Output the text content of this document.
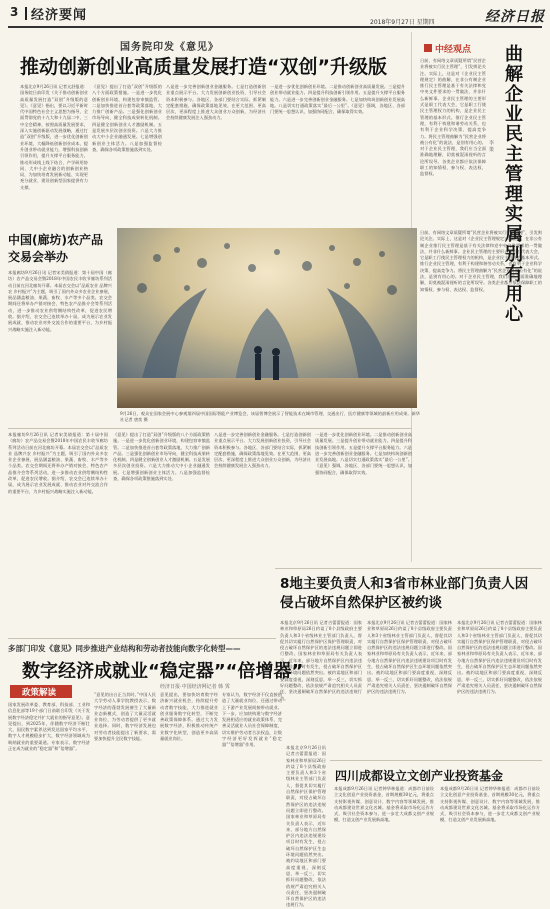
3 经济要闻	2018年9月27日 星期四	经济日报
国务院印发《意见》
推动创新创业高质量发展打造“双创”升级版
本报北京9月26日讯 记者亢舒报道：国务院日前印发《关于推动创新创业高质量发展打造“双创”升级版的意见》。《意见》指出，要以习近平新时代中国特色社会主义思想为指导，全面贯彻党的十九大和十九届二中、三中全会精神，按照高质量发展要求，深入实施创新驱动发展战略，通过打造“双创”升级版，进一步优化创新创业环境，大幅降低创新创业成本，提升创业带动就业能力，增强科技创新引领作用，提升支撑平台服务能力，推动形成线上线下结合、产学研用协同、大中小企业融合的创新创业格局，为加快培育发展新动能、实现更充分就业、建设创新型国家提供有力支撑。
《意见》提出了打造“双创”升级版的八个方面政策措施。一是进一步优化创新创业环境，构建包容审慎监管。二是加快推进首台套等政策落地，大力推广创新产品。三是强化创新创业市场导向，健全科技成果转化机制。四是健全创新创业人才激励机制。五是发展多层次创业投资。六是大力推动大中小企业融通发展。七是增强创新创业主体活力。八是加强监督检查，确保各项政策措施落到实处。
八是进一步完善创新创业金融服务。七是打造创新创业重点展示平台。大力发展创新创业投资，引导社会资本积极参与。各地区、各部门要结合实际，抓紧制定配套措施，确保政策落地见效。在更大范围、更高层次、更深程度上推进大众创业万众创新，为经济社会持续健康发展注入强劲动力。
一是进一步优化创新创业环境。二是推动创新创业高质量发展。三是提升创业带动就业能力。四是提升科技创新引领作用。五是提升支撑平台服务能力。六是进一步完善创新创业金融服务。七是加快构筑创新创业发展高地。八是切实打通政策落实“最后一公里”。《意见》强调，各地区、各部门要统一思想认识，加强协同配合，确保取得实效。
中经观点	曲解企业民主管理实属别有用心
李 策
日前，有网络文章质疑所谓“民营企业将被实行民主管理”，引发舆论关注。实际上，这是对《企业民主管理规定》的曲解，在非公有制企业推行民主管理是基于有关法律和党中央文件要求的一贯做法，并非什么新鲜事。企业民主管理的主要形式是职工代表大会，它是职工行使民主管理权力的机构，是企业民主管理的基本形式。推行企业民主管理，有利于构建和谐劳动关系，也有利于企业科学决策、提高竞争力。将民主管理曲解为“民营企业将被公有化”的说法，是别有用心的。对于企业民主管理，我们应当全面准确地理解，切莫被混淆视听的言论所误导。各类企业都应依法保障职工的知情权、参与权、表达权、监督权。
日前，有网络文章质疑所谓“民营企业将被实行民主管理”，引发舆论关注。实际上，这是对《企业民主管理规定》的曲解，在非公有制企业推行民主管理是基于有关法律和党中央文件要求的一贯做法，并非什么新鲜事。企业民主管理的主要形式是职工代表大会，它是职工行使民主管理权力的机构，是企业民主管理的基本形式。推行企业民主管理，有利于构建和谐劳动关系，也有利于企业科学决策、提高竞争力。将民主管理曲解为“民营企业将被公有化”的说法，是别有用心的。对于企业民主管理，我们应当全面准确地理解，切莫被混淆视听的言论所误导。各类企业都应依法保障职工的知情权、参与权、表达权、监督权。
9月26日，观众在国家会展中心参观第四届中国国际智能产业博览会，该届智博会展示了智能技术在城市管理、交通出行、医疗健康等领域的最新应用成果。新华社记者 唐奕 摄
中国(廊坊)农产品交易会举办
本报廊坊9月26日讯 记者宋美倩报道：第十届中国（廊坊）农产品交易会暨2018年中国农民丰收节廊坊系列活动日前在河北廊坊开幕。本届农交会以“品质农业 品牌兴农 乡村振兴”为主题，吸引了国内外众多农业企业参展，展品涵盖粮油、果蔬、畜牧、水产等多个品类。农交会期间还将举办产销对接会、特色农产品推介会等系列活动，进一步推动农业供给侧结构性改革，促进农民增收。据介绍，农交会已连续举办十届，成为展示农业发展成就、推动农业对外交流合作的重要平台，为乡村振兴战略实施注入新动能。
本报廊坊9月26日讯 记者宋美倩报道：第十届中国（廊坊）农产品交易会暨2018年中国农民丰收节廊坊系列活动日前在河北廊坊开幕。本届农交会以“品质农业 品牌兴农 乡村振兴”为主题，吸引了国内外众多农业企业参展，展品涵盖粮油、果蔬、畜牧、水产等多个品类。农交会期间还将举办产销对接会、特色农产品推介会等系列活动，进一步推动农业供给侧结构性改革，促进农民增收。据介绍，农交会已连续举办十届，成为展示农业发展成就、推动农业对外交流合作的重要平台，为乡村振兴战略实施注入新动能。
《意见》提出了打造“双创”升级版的八个方面政策措施。一是进一步优化创新创业环境，构建包容审慎监管。二是加快推进首台套等政策落地，大力推广创新产品。三是强化创新创业市场导向，健全科技成果转化机制。四是健全创新创业人才激励机制。五是发展多层次创业投资。六是大力推动大中小企业融通发展。七是增强创新创业主体活力。八是加强监督检查，确保各项政策措施落到实处。
八是进一步完善创新创业金融服务。七是打造创新创业重点展示平台。大力发展创新创业投资，引导社会资本积极参与。各地区、各部门要结合实际，抓紧制定配套措施，确保政策落地见效。在更大范围、更高层次、更深程度上推进大众创业万众创新，为经济社会持续健康发展注入强劲动力。
一是进一步优化创新创业环境。二是推动创新创业高质量发展。三是提升创业带动就业能力。四是提升科技创新引领作用。五是提升支撑平台服务能力。六是进一步完善创新创业金融服务。七是加快构筑创新创业发展高地。八是切实打通政策落实“最后一公里”。《意见》强调，各地区、各部门要统一思想认识，加强协同配合，确保取得实效。
8地主要负责人和3省市林业部门负责人因侵占破坏自然保护区被约谈
本报北京9月26日讯 记者吉蕾蕾报道：国家林业和草原局26日约谈了8个县级政府主要负责人和3个省级林业主管部门负责人，督促其切实履行自然保护区保护管理职责，对侵占破坏自然保护区的违法违规问题立即进行整改。国家林业和草原局有关负责人表示，近年来，部分地方自然保护区内违法违规建设项目时有发生，侵占破坏自然保护区生态环境问题依然突出。被约谈地区和部门要高度重视，深刻反思，举一反三，切实抓好问题整改，依法依规严肃追究相关人员责任，坚决遏制破坏自然保护区的违法违规行为。
本报北京9月26日讯 记者吉蕾蕾报道：国家林业和草原局26日约谈了8个县级政府主要负责人和3个省级林业主管部门负责人，督促其切实履行自然保护区保护管理职责，对侵占破坏自然保护区的违法违规问题立即进行整改。国家林业和草原局有关负责人表示，近年来，部分地方自然保护区内违法违规建设项目时有发生，侵占破坏自然保护区生态环境问题依然突出。被约谈地区和部门要高度重视，深刻反思，举一反三，切实抓好问题整改，依法依规严肃追究相关人员责任，坚决遏制破坏自然保护区的违法违规行为。
本报北京9月26日讯 记者吉蕾蕾报道：国家林业和草原局26日约谈了8个县级政府主要负责人和3个省级林业主管部门负责人，督促其切实履行自然保护区保护管理职责，对侵占破坏自然保护区的违法违规问题立即进行整改。国家林业和草原局有关负责人表示，近年来，部分地方自然保护区内违法违规建设项目时有发生，侵占破坏自然保护区生态环境问题依然突出。被约谈地区和部门要高度重视，深刻反思，举一反三，切实抓好问题整改，依法依规严肃追究相关人员责任，坚决遏制破坏自然保护区的违法违规行为。
多部门印发《意见》同步推进产业结构和劳动者技能向数字化转型——
数字经济成就业“稳定器”“倍增器”
经济日报·中国经济网记者 韩 霁
政策解读
国家发展改革委、教育部、科技部、工业和信息化部等19个部门日前联合印发《关于发展数字经济稳定并扩大就业的指导意见》。意见提出，到2025年，伴随数字经济不断壮大，国民数字素养达到发达国家平均水平，数字人才规模稳步扩大，数字经济领域成为吸纳就业的重要渠道。专家表示，数字经济正在成为就业的“稳定器”和“倍增器”。
“意见的出台正当其时。”中国人民大学劳动人事学院教授表示，数字经济的蓬勃发展催生了大量新业态新模式，创造了大量灵活就业岗位，为劳动者提供了更多就业选择。同时，数字经济发展也对劳动者技能提出了新要求，需要加快提升全民数字技能。
意见提出，要加快培育数字经济新兴就业机会，持续提升劳动者数字技能，大力推进就业创业服务数字化转型，不断完善政策保障体系。通过大力发展数字经济，积极推动传统产业数字化转型，创造更多高质量就业岗位。
专家认为，数字经济不仅直接创造了大量就业岗位，还通过带动上下游产业发展间接带动就业。下一步，应加快构建与数字经济发展相适应的就业政策体系，完善灵活就业人员社会保障制度，切实维护劳动者合法权益，让数字经济更好发挥就业“稳定器”“倍增器”作用。
本报北京9月26日讯 记者吉蕾蕾报道：国家林业和草原局26日约谈了8个县级政府主要负责人和3个省级林业主管部门负责人，督促其切实履行自然保护区保护管理职责，对侵占破坏自然保护区的违法违规问题立即进行整改。国家林业和草原局有关负责人表示，近年来，部分地方自然保护区内违法违规建设项目时有发生，侵占破坏自然保护区生态环境问题依然突出。被约谈地区和部门要高度重视，深刻反思，举一反三，切实抓好问题整改，依法依规严肃追究相关人员责任，坚决遏制破坏自然保护区的违法违规行为。
四川成都设立文创产业投资基金
本报成都9月26日讯 记者钟华林报道：成都市日前设立文化创意产业投资基金，首期规模30亿元，将重点支持影视传媒、创意设计、数字内容等领域发展，推动成都建设世界文化名城。基金将采取市场化运作方式，吸引社会资本参与，进一步壮大成都文创产业规模，打造文创产业发展新高地。
本报成都9月26日讯 记者钟华林报道：成都市日前设立文化创意产业投资基金，首期规模30亿元，将重点支持影视传媒、创意设计、数字内容等领域发展，推动成都建设世界文化名城。基金将采取市场化运作方式，吸引社会资本参与，进一步壮大成都文创产业规模，打造文创产业发展新高地。
